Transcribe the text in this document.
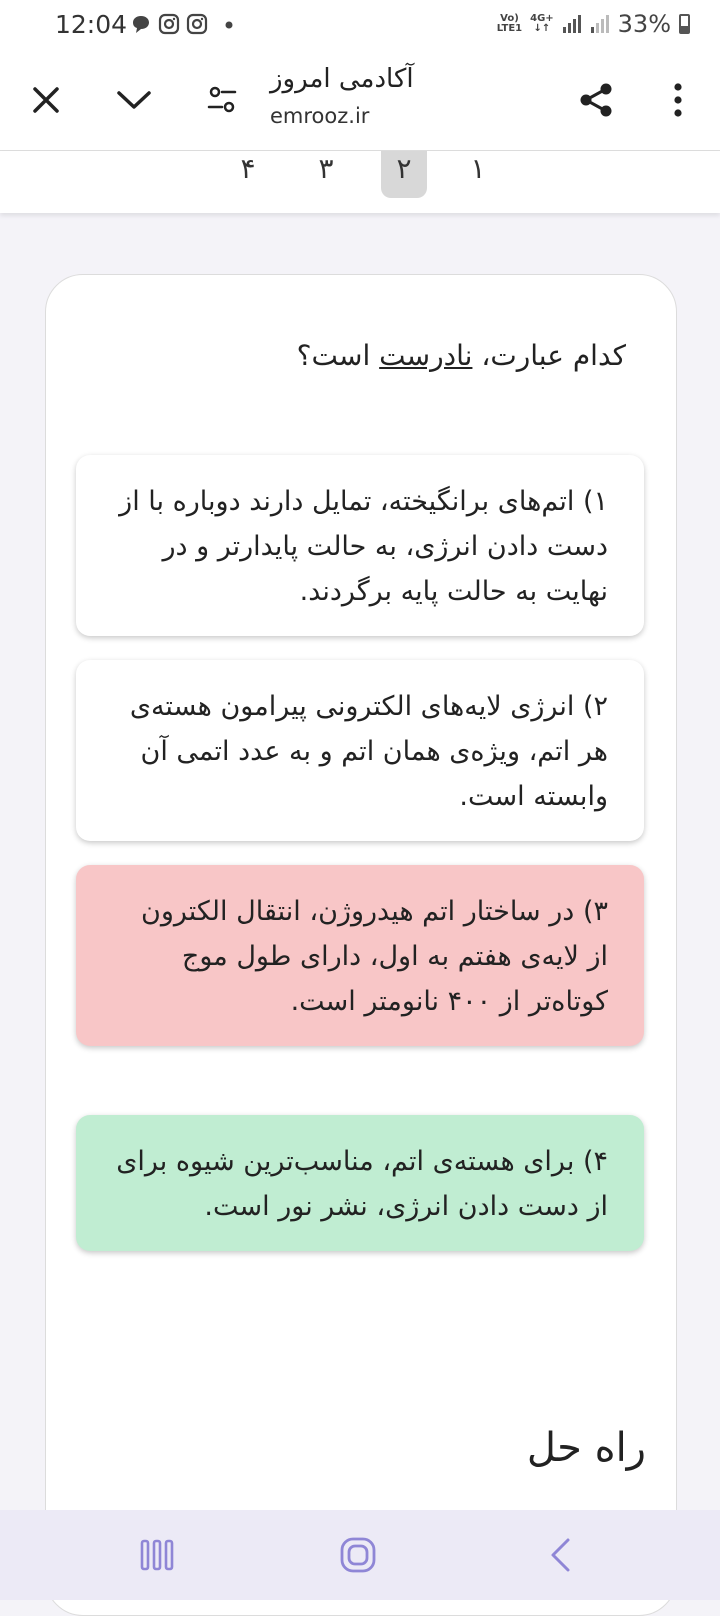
12:04	Vo)
LTE1
4G+
↓↑	33%
آکادمی امروز
emrooz.ir
۱
۲
۳
۴
کدام عبارت، نادرست است؟
۱) اتم‌های برانگیخته، تمایل دارند دوباره با از دست دادن انرژی، به حالت پایدارتر و در نهایت به حالت پایه برگردند.
۲) انرژی لایه‌های الکترونی پیرامون هسته‌ی هر اتم، ویژه‌ی همان اتم و به عدد اتمی آن وابسته است.
۳) در ساختار اتم هیدروژن، انتقال الکترون از لایه‌ی هفتم به اول، دارای طول موج کوتاه‌تر از ۴۰۰ نانومتر است.
۴) برای هسته‌ی اتم، مناسب‌ترین شیوه برای از دست دادن انرژی، نشر نور است.
راه حل
